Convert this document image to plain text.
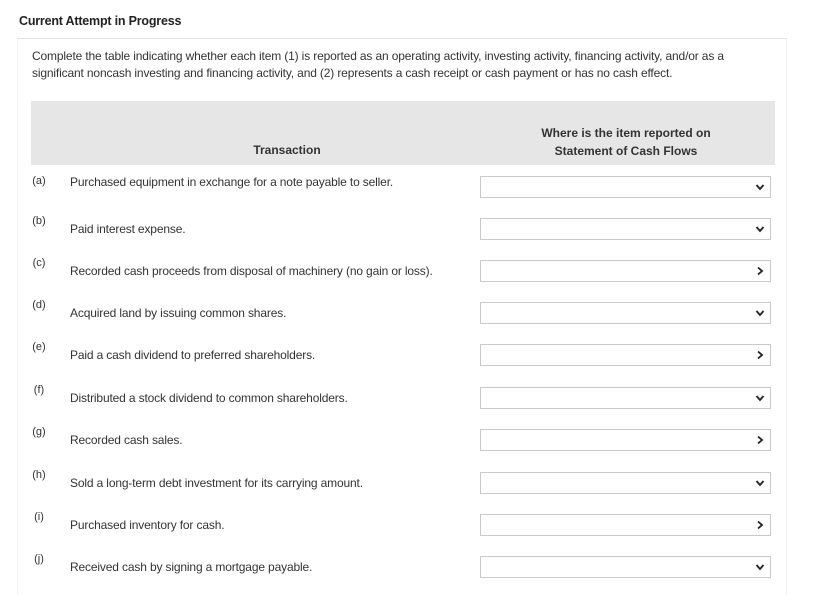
Current Attempt in Progress
Complete the table indicating whether each item (1) is reported as an operating activity, investing activity, financing activity, and/or as a significant noncash investing and financing activity, and (2) represents a cash receipt or cash payment or has no cash effect.
Transaction
Where is the item reported on
Statement of Cash Flows
(a) Purchased equipment in exchange for a note payable to seller.
(b)
Paid interest expense.
(c)
Recorded cash proceeds from disposal of machinery (no gain or loss).
(d)
Acquired land by issuing common shares.
(e)
Paid a cash dividend to preferred shareholders.
(f)
Distributed a stock dividend to common shareholders.
(g)
Recorded cash sales.
(h)
Sold a long-term debt investment for its carrying amount.
(i)
Purchased inventory for cash.
(j)
Received cash by signing a mortgage payable.
